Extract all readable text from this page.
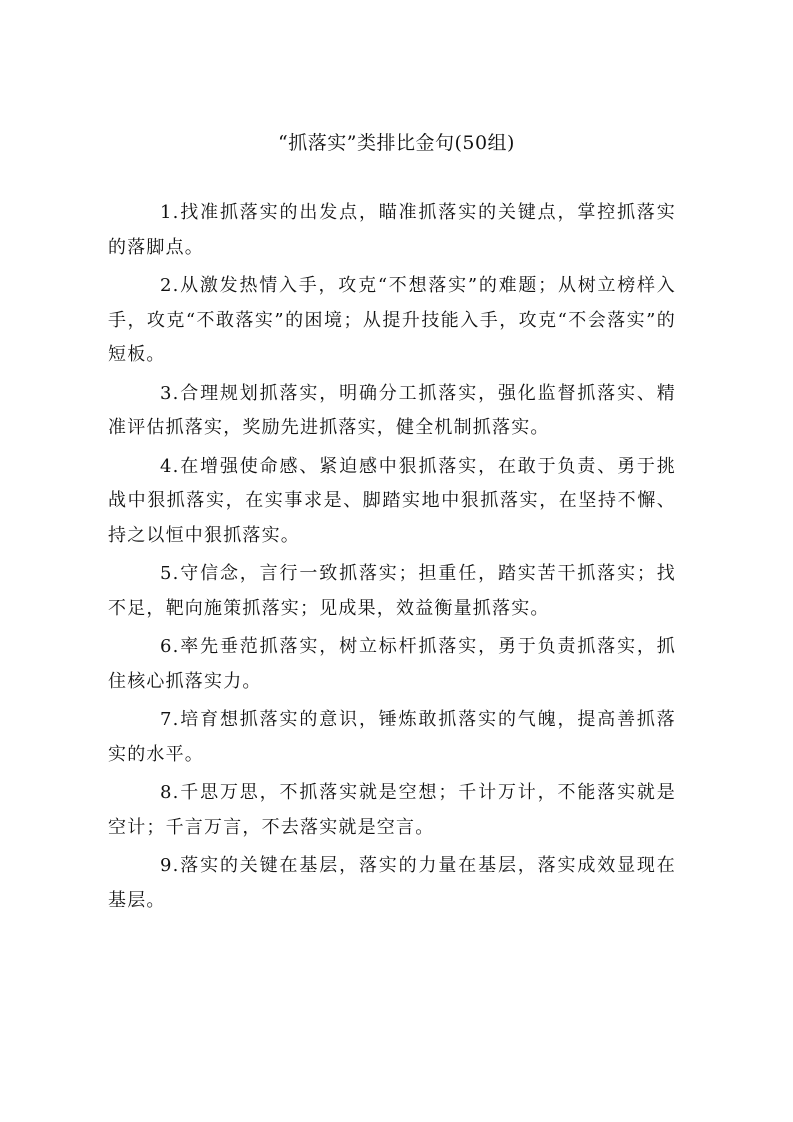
“抓落实”类排比金句(50组)
1.找准抓落实的出发点，瞄准抓落实的关键点，掌控抓落实的落脚点。
2.从激发热情入手，攻克“不想落实”的难题；从树立榜样入手，攻克“不敢落实”的困境；从提升技能入手，攻克“不会落实”的短板。
3.合理规划抓落实，明确分工抓落实，强化监督抓落实、精准评估抓落实，奖励先进抓落实，健全机制抓落实。
4.在增强使命感、紧迫感中狠抓落实，在敢于负责、勇于挑战中狠抓落实，在实事求是、脚踏实地中狠抓落实，在坚持不懈、持之以恒中狠抓落实。
5.守信念，言行一致抓落实；担重任，踏实苦干抓落实；找不足，靶向施策抓落实；见成果，效益衡量抓落实。
6.率先垂范抓落实，树立标杆抓落实，勇于负责抓落实，抓住核心抓落实力。
7.培育想抓落实的意识，锤炼敢抓落实的气魄，提高善抓落实的水平。
8.千思万思，不抓落实就是空想；千计万计，不能落实就是空计；千言万言，不去落实就是空言。
9.落实的关键在基层，落实的力量在基层，落实成效显现在基层。
